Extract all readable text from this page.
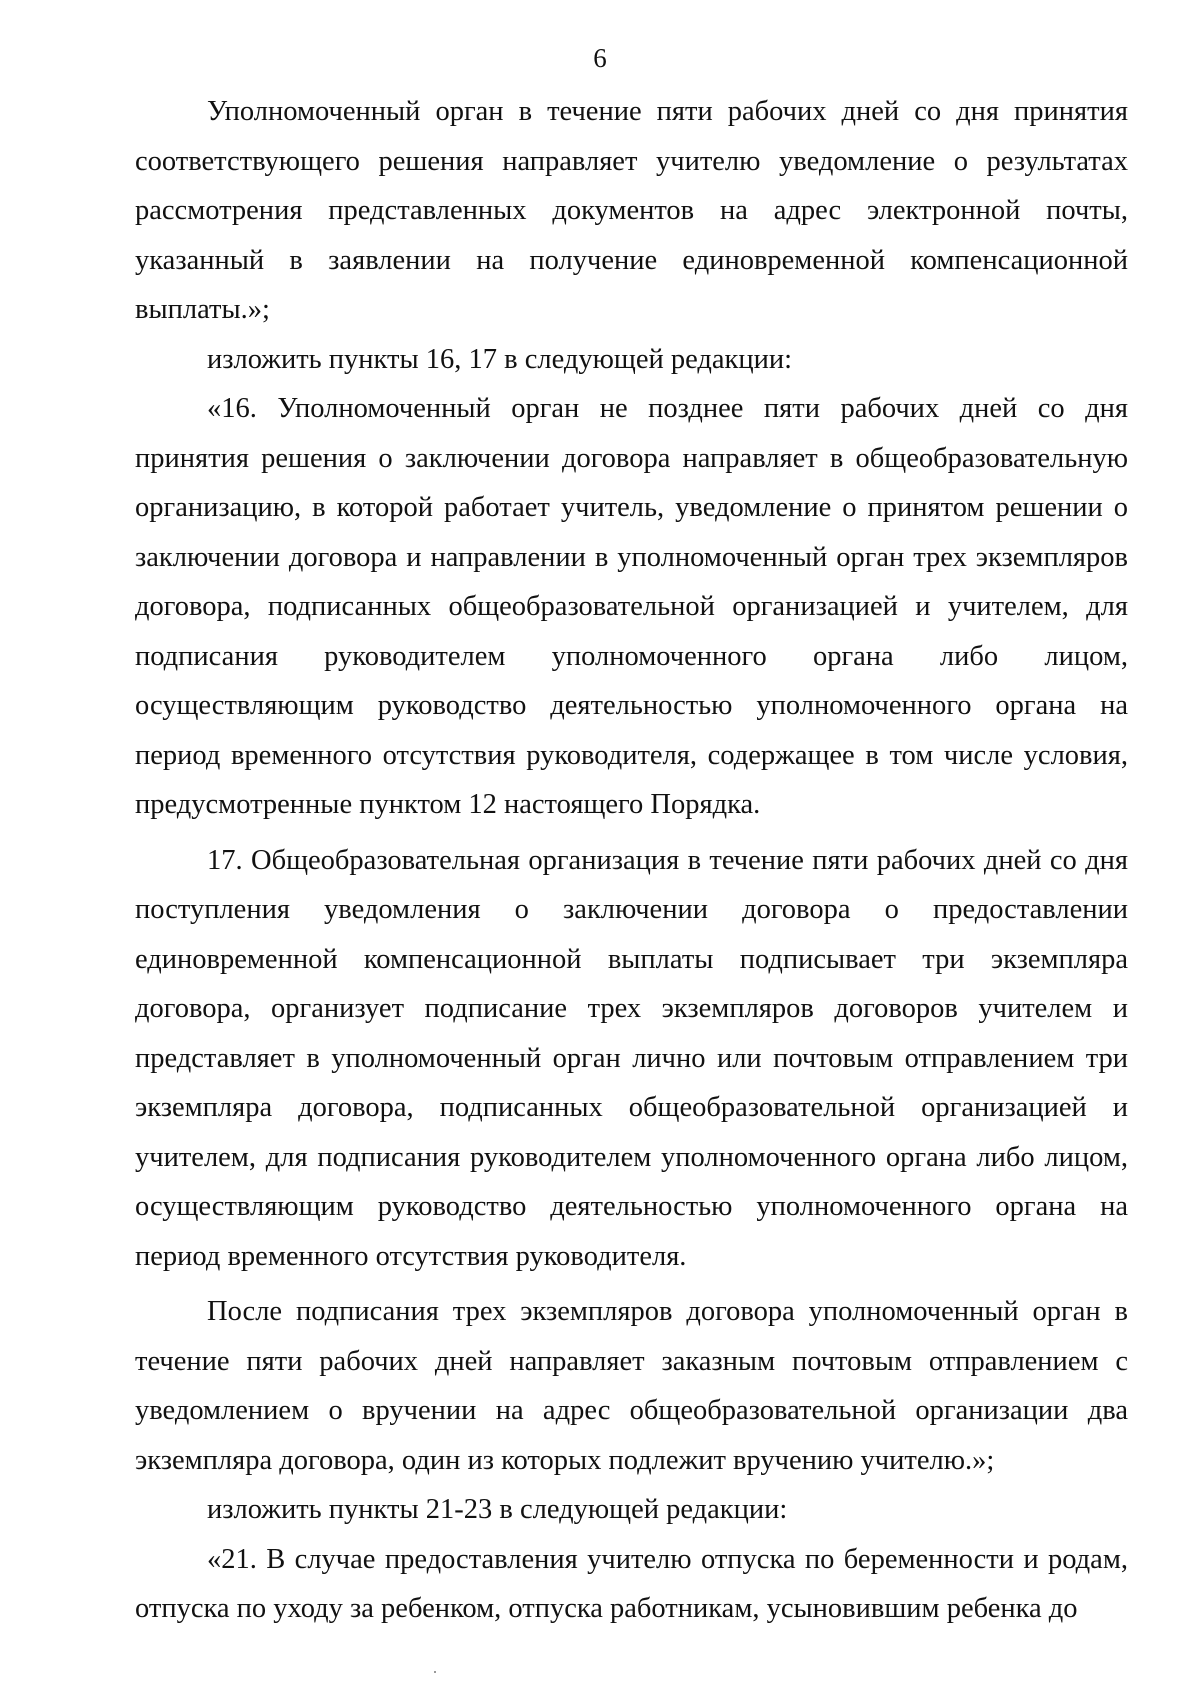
6

Уполномоченный орган в течение пяти рабочих дней со дня принятия соответствующего решения направляет учителю уведомление о результатах рассмотрения представленных документов на адрес электронной почты, указанный в заявлении на получение единовременной компенсационной выплаты.»;

изложить пункты 16, 17 в следующей редакции:

«16. Уполномоченный орган не позднее пяти рабочих дней со дня принятия решения о заключении договора направляет в общеобразовательную организацию, в которой работает учитель, уведомление о принятом решении о заключении договора и направлении в уполномоченный орган трех экземпляров договора, подписанных общеобразовательной организацией и учителем, для подписания руководителем уполномоченного органа либо лицом, осуществляющим руководство деятельностью уполномоченного органа на период временного отсутствия руководителя, содержащее в том числе условия, предусмотренные пунктом 12 настоящего Порядка.

17. Общеобразовательная организация в течение пяти рабочих дней со дня поступления уведомления о заключении договора о предоставлении единовременной компенсационной выплаты подписывает три экземпляра договора, организует подписание трех экземпляров договоров учителем и представляет в уполномоченный орган лично или почтовым отправлением три экземпляра договора, подписанных общеобразовательной организацией и учителем, для подписания руководителем уполномоченного органа либо лицом, осуществляющим руководство деятельностью уполномоченного органа на период временного отсутствия руководителя.

После подписания трех экземпляров договора уполномоченный орган в течение пяти рабочих дней направляет заказным почтовым отправлением с уведомлением о вручении на адрес общеобразовательной организации два экземпляра договора, один из которых подлежит вручению учителю.»;

изложить пункты 21-23 в следующей редакции:

«21. В случае предоставления учителю отпуска по беременности и родам, отпуска по уходу за ребенком, отпуска работникам, усыновившим ребенка до
